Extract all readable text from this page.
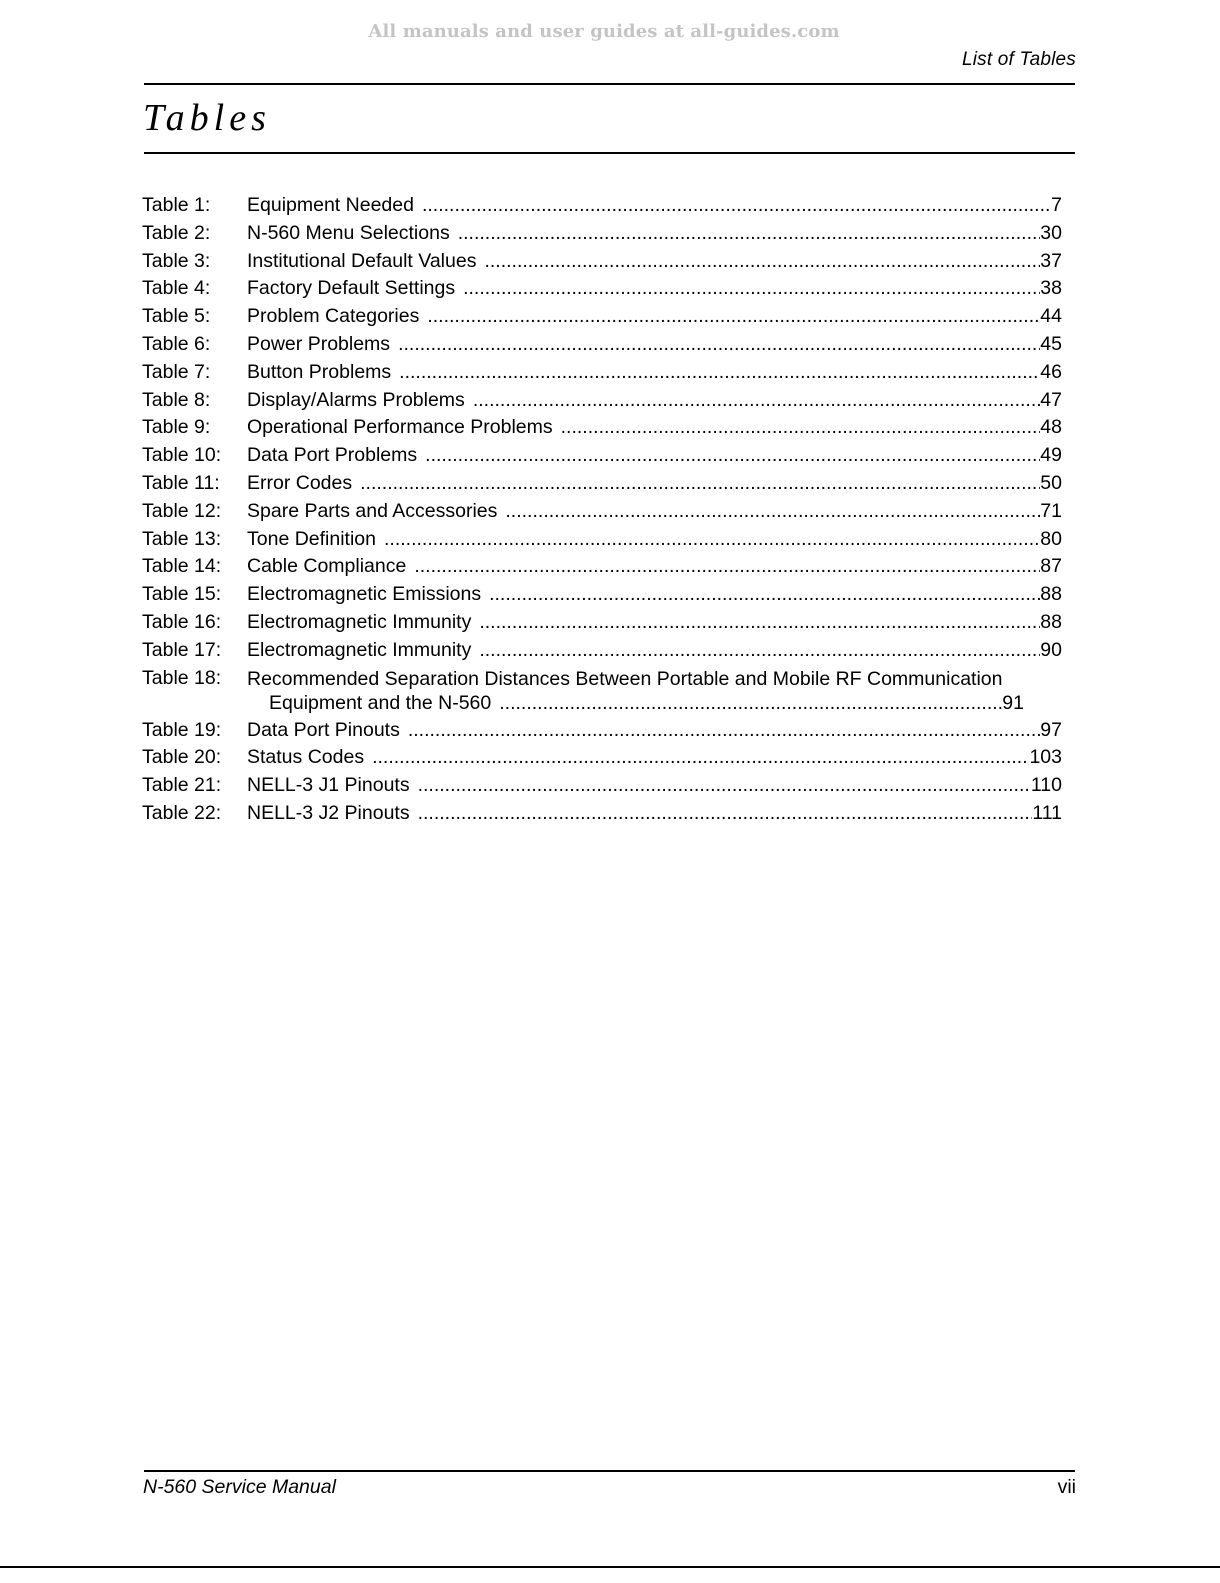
All manuals and user guides at all-guides.com
List of Tables
Tables
Table 1:	Equipment Needed .....	7
Table 2:	N-560 Menu Selections .....	30
Table 3:	Institutional Default Values .....	37
Table 4:	Factory Default Settings .....	38
Table 5:	Problem Categories .....	44
Table 6:	Power Problems .....	45
Table 7:	Button Problems .....	46
Table 8:	Display/Alarms Problems .....	47
Table 9:	Operational Performance Problems .....	48
Table 10:	Data Port Problems .....	49
Table 11:	Error Codes .....	50
Table 12:	Spare Parts and Accessories .....	71
Table 13:	Tone Definition .....	80
Table 14:	Cable Compliance .....	87
Table 15:	Electromagnetic Emissions .....	88
Table 16:	Electromagnetic Immunity .....	88
Table 17:	Electromagnetic Immunity .....	90
Table 18:	Recommended Separation Distances Between Portable and Mobile RF Communication
Equipment and the N-560 .....	91
Table 19:	Data Port Pinouts .....	97
Table 20:	Status Codes .....	103
Table 21:	NELL-3 J1 Pinouts .....	110
Table 22:	NELL-3 J2 Pinouts .....	111
N-560 Service Manual	vii
